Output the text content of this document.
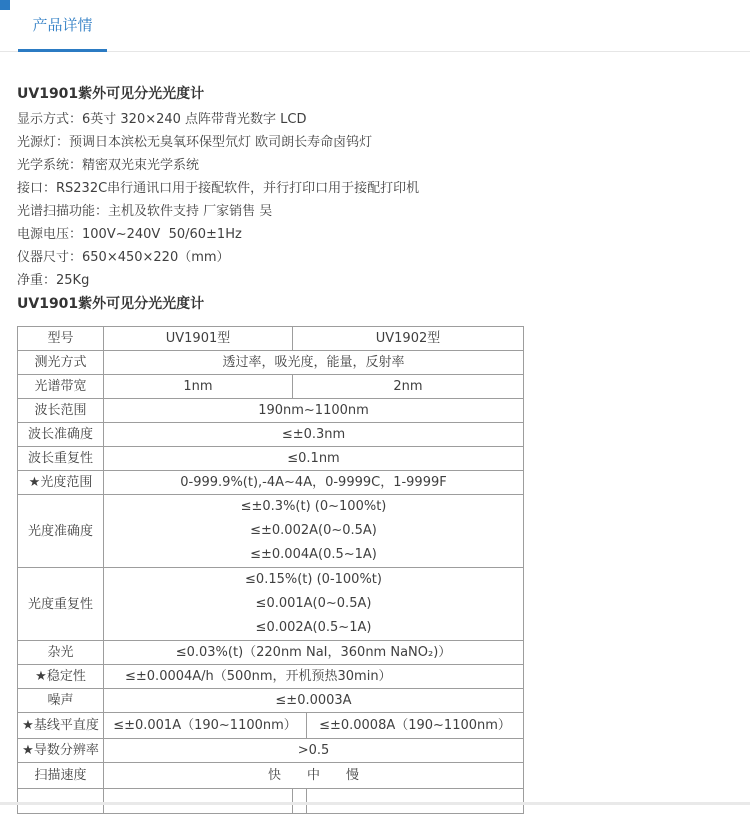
产品详情
UV1901紫外可见分光光度计
显示方式：6英寸 320×240 点阵带背光数字 LCD
光源灯：预调日本滨松无臭氧环保型氘灯 欧司朗长寿命卤钨灯
光学系统：精密双光束光学系统
接口：RS232C串行通讯口用于接配软件，并行打印口用于接配打印机
光谱扫描功能：主机及软件支持 厂家销售 吴
电源电压：100V~240V  50/60±1Hz
仪器尺寸：650×450×220（mm）
净重：25Kg
UV1901紫外可见分光光度计
型号	UV1901型	UV1902型	
测光方式	透过率，吸光度，能量，反射率		
光谱带宽	1nm	2nm	
波长范围	190nm~1100nm		
波长准确度	≤±0.3nm		
波长重复性	≤0.1nm		
★光度范围	0-999.9%(t),-4A~4A，0-9999C，1-9999F		
光度准确度	≤±0.3%(t) (0~100%t)
≤±0.002A(0~0.5A)
≤±0.004A(0.5~1A)		

光度重复性	≤0.15%(t) (0-100%t)
≤0.001A(0~0.5A)
≤0.002A(0.5~1A)		

杂光	≤0.03%(t)（220nm NaI，360nm NaNO₂)）		
★稳定性	≤±0.0004A/h（500nm，开机预热30min）		
噪声	≤±0.0003A		
★基线平直度	≤±0.001A（190~1100nm）		≤±0.0008A（190~1100nm）
★导数分辨率	>0.5		
扫描速度	快　　中　　慢		
